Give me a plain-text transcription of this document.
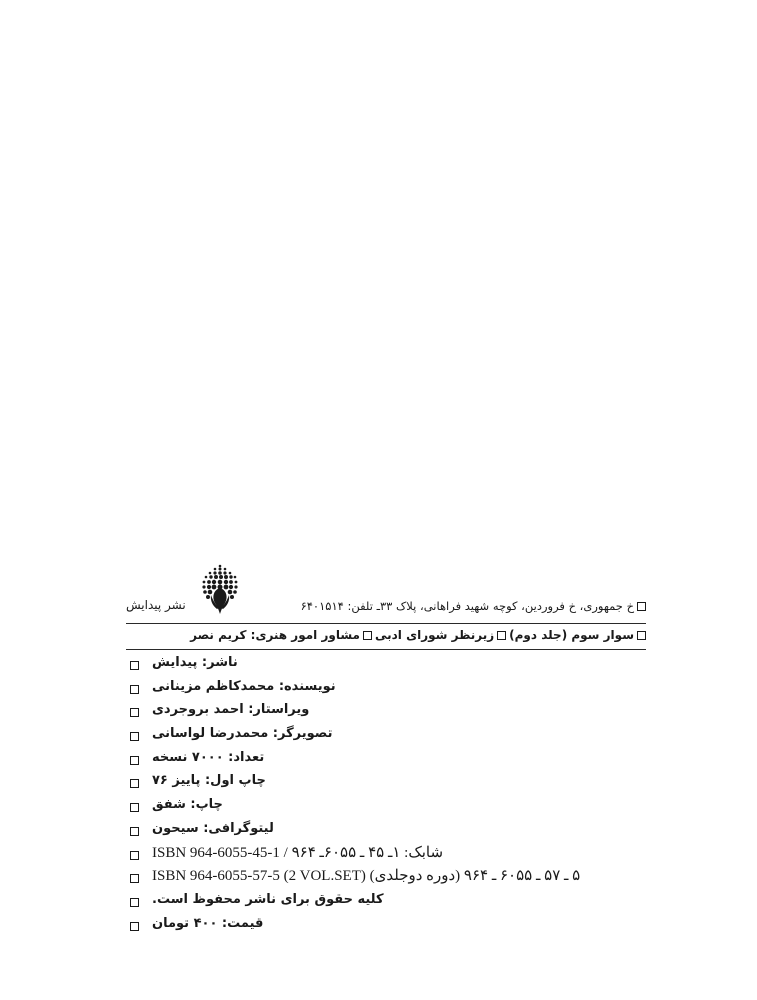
نشر پیدایش	خ جمهوری، خ فروردین، کوچه شهید فراهانی، پلاک ۳۳ـ تلفن: ۶۴۰۱۵۱۴
سوار سوم (جلد دوم)
زیرنظر شورای ادبی
مشاور امور هنری: کریم نصر
ناشر: پیدایش
نویسنده: محمدکاظم مزینانی
ویراستار: احمد بروجردی
تصویرگر: محمدرضا لواسانی
تعداد: ۷۰۰۰ نسخه
چاپ اول: پاییز ۷۶
چاپ: شفق
لیتوگرافی: سیحون
شابک: ۱ـ ۴۵ ـ ۶۰۵۵ـ ۹۶۴ / ISBN 964-6055-45-1
۵ ـ ۵۷ ـ ۶۰۵۵ ـ ۹۶۴ (دوره دوجلدی) ISBN 964-6055-57-5 (2 VOL.SET)
کلیه حقوق برای ناشر محفوظ است.
قیمت: ۴۰۰ تومان
